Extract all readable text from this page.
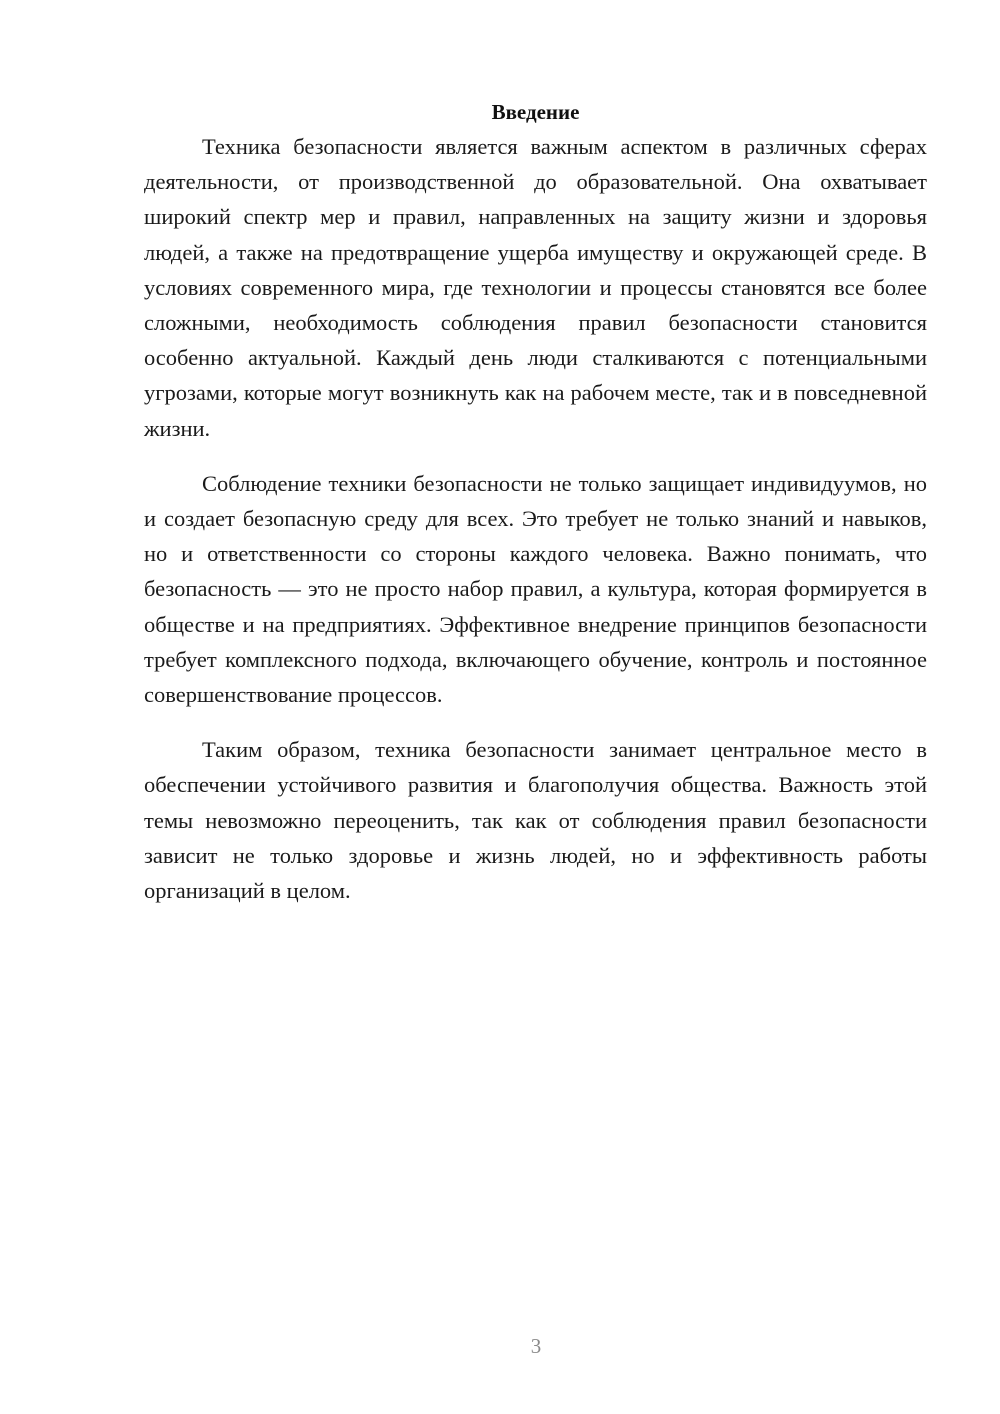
Введение

Техника безопасности является важным аспектом в различных сферах деятельности, от производственной до образовательной. Она охватывает широкий спектр мер и правил, направленных на защиту жизни и здоровья людей, а также на предотвращение ущерба имуществу и окружающей среде. В условиях современного мира, где технологии и процессы становятся все более сложными, необходимость соблюдения правил безопасности становится особенно актуальной. Каждый день люди сталкиваются с потенциальными угрозами, которые могут возникнуть как на рабочем месте, так и в повседневной жизни.

Соблюдение техники безопасности не только защищает индивидуумов, но и создает безопасную среду для всех. Это требует не только знаний и навыков, но и ответственности со стороны каждого человека. Важно понимать, что безопасность — это не просто набор правил, а культура, которая формируется в обществе и на предприятиях. Эффективное внедрение принципов безопасности требует комплексного подхода, включающего обучение, контроль и постоянное совершенствование процессов.

Таким образом, техника безопасности занимает центральное место в обеспечении устойчивого развития и благополучия общества. Важность этой темы невозможно переоценить, так как от соблюдения правил безопасности зависит не только здоровье и жизнь людей, но и эффективность работы организаций в целом.

3
